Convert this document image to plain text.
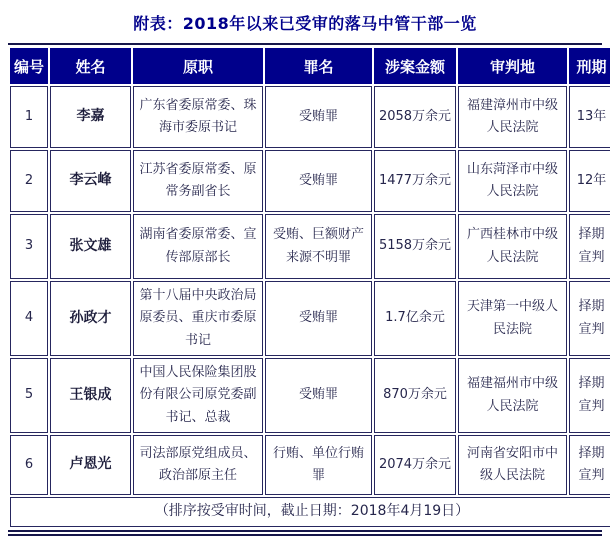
附表：2018年以来已受审的落马中管干部一览
编号	姓名	原职	罪名	涉案金额	审判地	刑期
1	李嘉	广东省委原常委、珠海市委原书记	受贿罪	2058万余元	福建漳州市中级人民法院	13年
2	李云峰	江苏省委原常委、原常务副省长	受贿罪	1477万余元	山东菏泽市中级人民法院	12年
3	张文雄	湖南省委原常委、宣传部原部长	受贿、巨额财产来源不明罪	5158万余元	广西桂林市中级人民法院	择期宣判
4	孙政才	第十八届中央政治局原委员、重庆市委原书记	受贿罪	1.7亿余元	天津第一中级人民法院	择期宣判
5	王银成	中国人民保险集团股份有限公司原党委副书记、总裁	受贿罪	870万余元	福建福州市中级人民法院	择期宣判
6	卢恩光	司法部原党组成员、政治部原主任	行贿、单位行贿罪	2074万余元	河南省安阳市中级人民法院	择期宣判
（排序按受审时间，截止日期：2018年4月19日）						
